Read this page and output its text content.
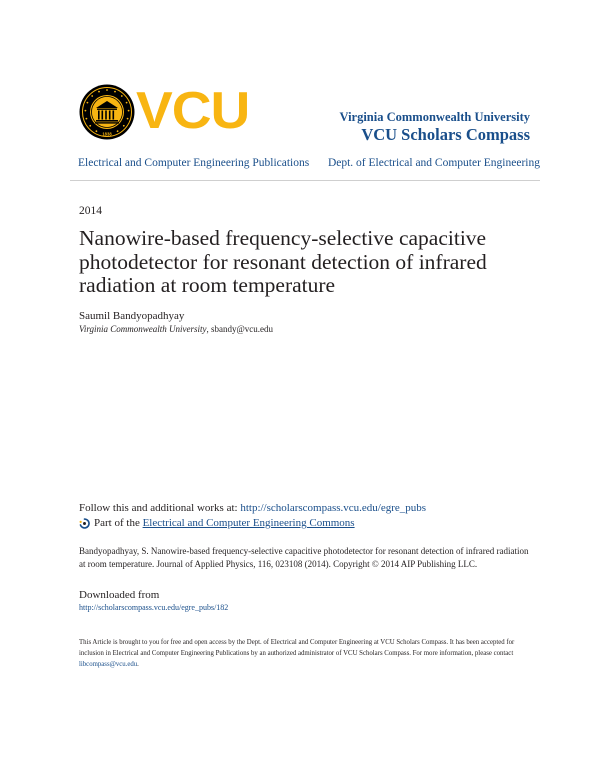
1838 VCU	Virginia Commonwealth University
VCU Scholars Compass
Electrical and Computer Engineering Publications Dept. of Electrical and Computer Engineering
2014
Nanowire-based frequency-selective capacitive photodetector for resonant detection of infrared radiation at room temperature
Saumil Bandyopadhyay
Virginia Commonwealth University, sbandy@vcu.edu
Follow this and additional works at: http://scholarscompass.vcu.edu/egre_pubs
Part of the
Electrical and Computer Engineering Commons
Bandyopadhyay, S. Nanowire-based frequency-selective capacitive photodetector for resonant detection of infrared radiation at room temperature. Journal of Applied Physics, 116, 023108 (2014). Copyright © 2014 AIP Publishing LLC.
Downloaded from
http://scholarscompass.vcu.edu/egre_pubs/182
This Article is brought to you for free and open access by the Dept. of Electrical and Computer Engineering at VCU Scholars Compass. It has been accepted for inclusion in Electrical and Computer Engineering Publications by an authorized administrator of VCU Scholars Compass. For more information, please contact libcompass@vcu.edu.
